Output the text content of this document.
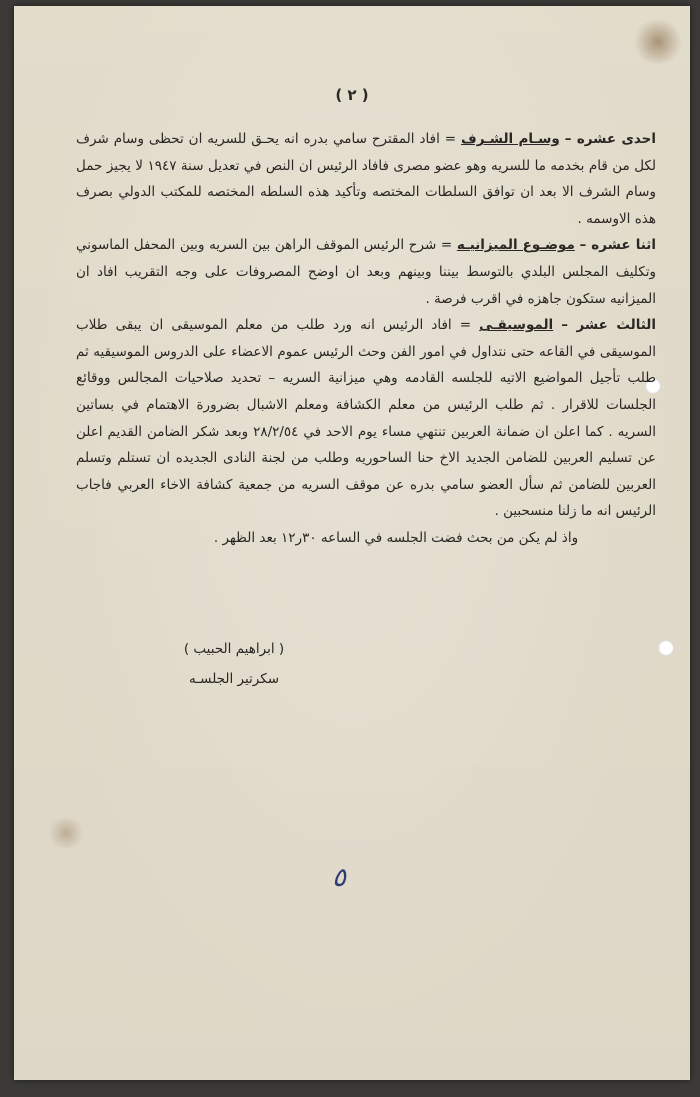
( ٢ )

احدى عشره – وسـام الشـرف = افاد المقترح سامي بدره انه يحـق للسريه ان تحظى وسام شرف لكل من قام بخدمه ما للسريه وهو عضو مصرى فافاد الرئيس ان النص في تعديل سنة ١٩٤٧ لا يجيز حمل وسام الشرف الا بعد ان توافق السلطات المختصه وتأكيد هذه السلطه المختصه للمكتب الدولي بصرف هذه الاوسمه .

اثنا عشره – موضـوع الميزانيـه = شرح الرئيس الموقف الراهن بين السريه وبين المحفل الماسوني وتكليف المجلس البلدي بالتوسط بيننا وبينهم وبعد ان اوضح المصروفات على وجه التقريب افاد ان الميزانيه ستكون جاهزه في اقرب فرصة .

الثالث عشر – الموسيقـى = افاد الرئيس انه ورد طلب من معلم الموسيقى ان يبقى طلاب الموسيقى في القاعه حتى نتداول في امور الفن وحث الرئيس عموم الاعضاء على الدروس الموسيقيه ثم طلب تأجيل المواضيع الاتيه للجلسه القادمه وهي ميزانية السريه – تحديد صلاحيات المجالس ووقائع الجلسات للاقرار . ثم طلب الرئيس من معلم الكشافة ومعلم الاشبال بضرورة الاهتمام في بساتين السريه . كما اعلن ان ضمانة العربين تنتهي مساء يوم الاحد في ٢٨/٢/٥٤ وبعد شكر الضامن القديم اعلن عن تسليم العربين للضامن الجديد الاخ حنا الساحوريه وطلب من لجنة النادى الجديده ان تستلم وتسلم العربين للضامن ثم سأل العضو سامي بدره عن موقف السريه من جمعية كشافة الاخاء العربي فاجاب الرئيس انه ما زلنا منسحبين .

واذ لم يكن من بحث فضت الجلسه في الساعه ٣٠ر١٢ بعد الظهر .

( ابراهيم الحبيب )
سكرتير الجلسـه
٥
